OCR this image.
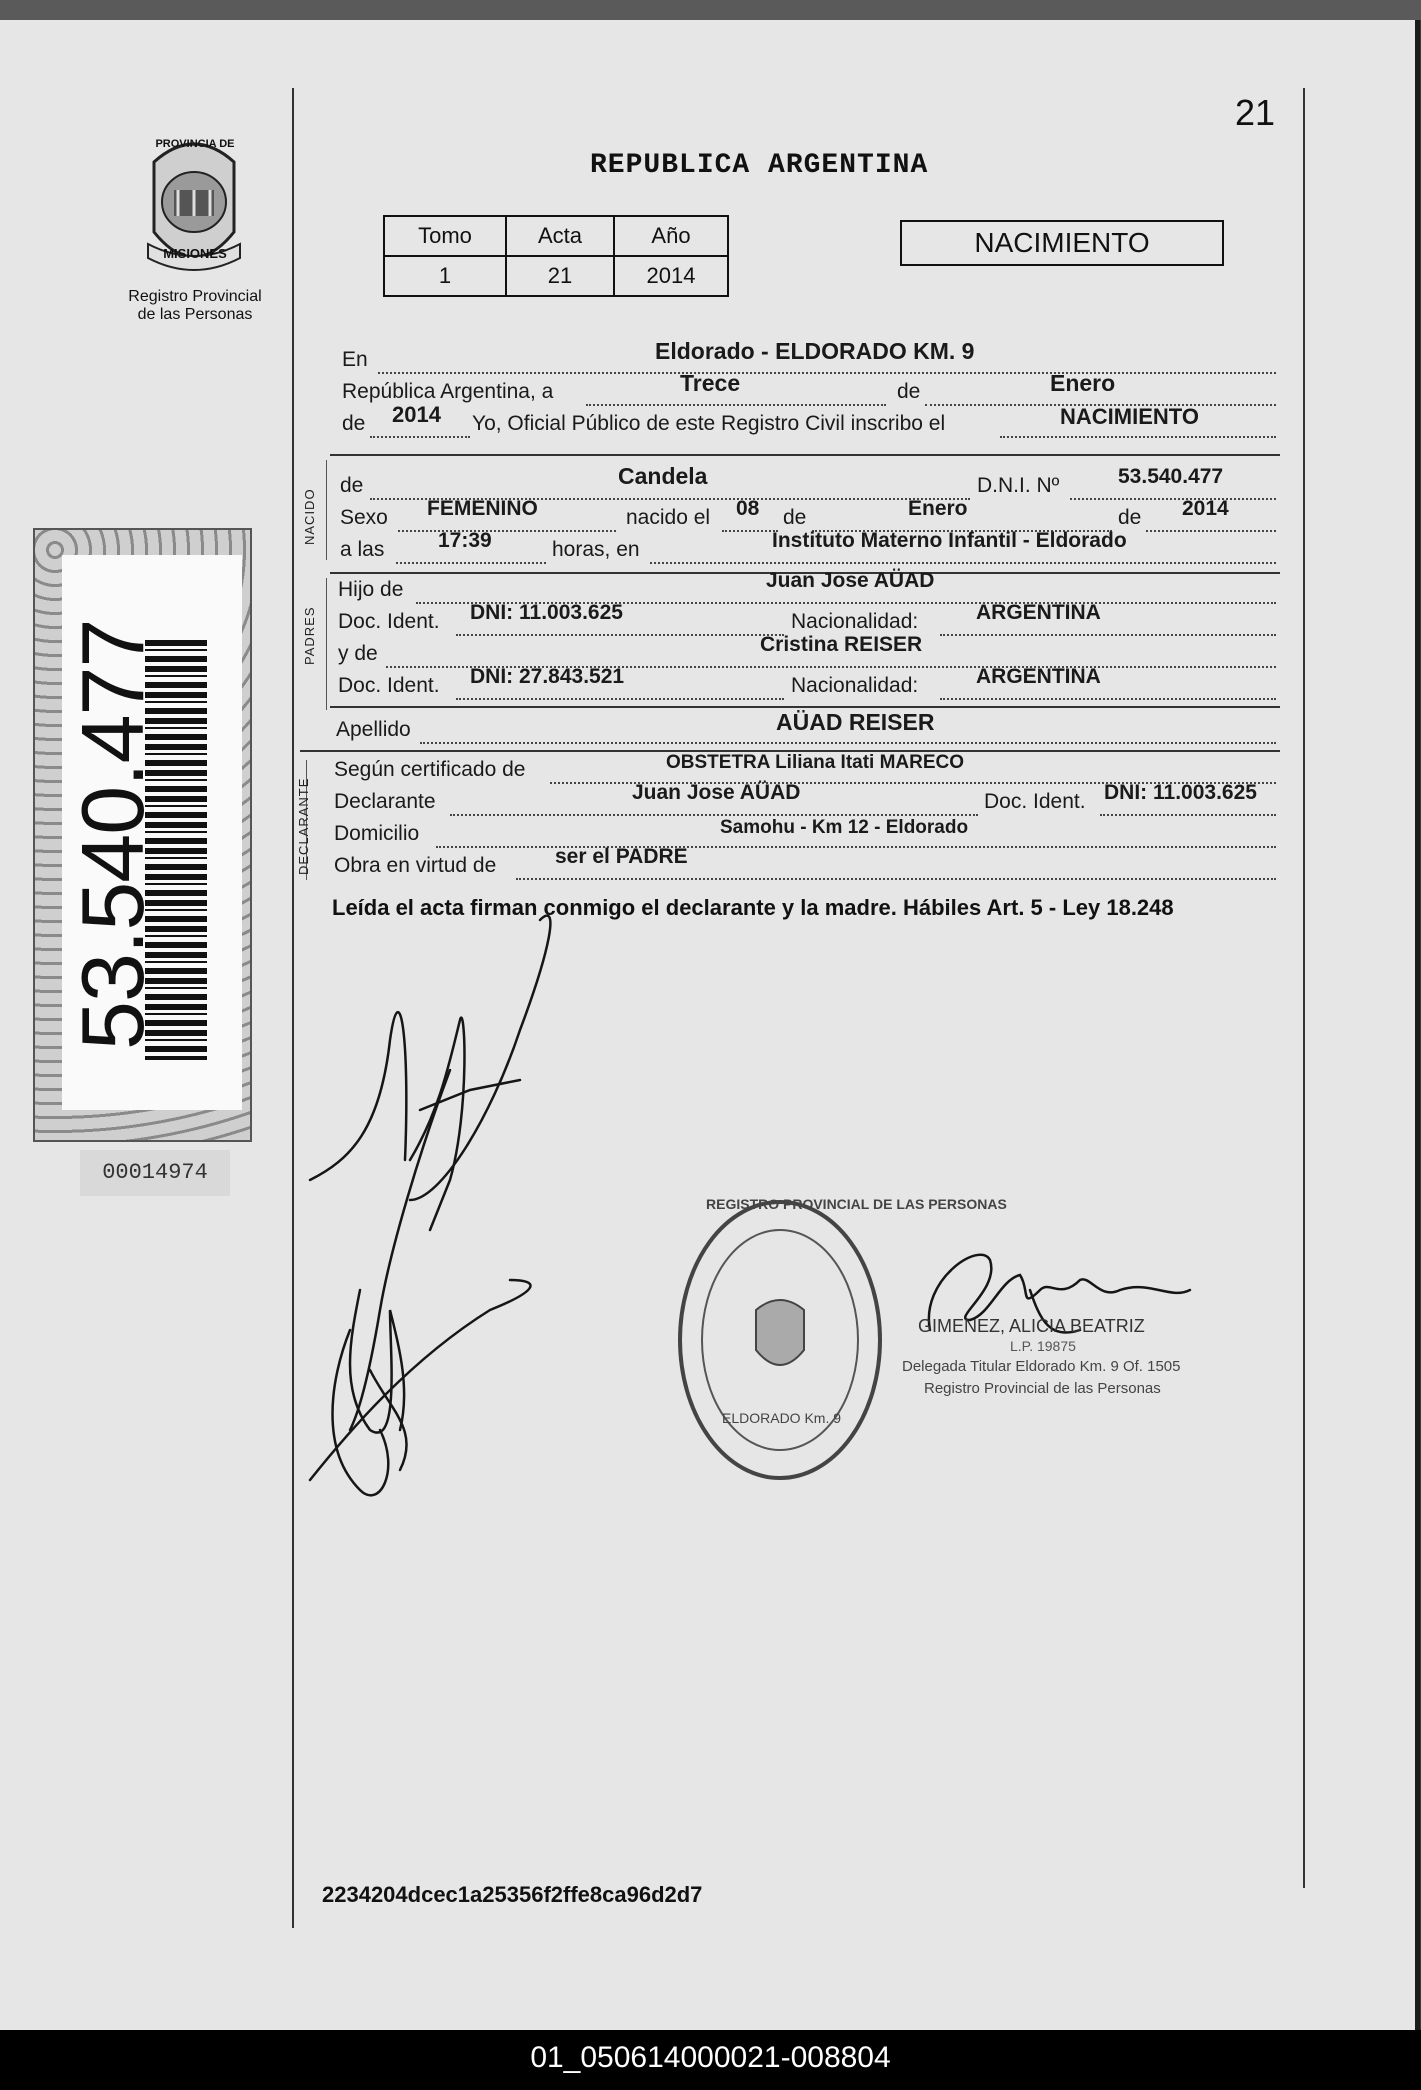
21
PROVINCIA DE
MISIONES
Registro Provincial
de las Personas
REPUBLICA ARGENTINA
Tomo	Acta	Año
1	21	2014
NACIMIENTO
En	Eldorado - ELDORADO KM. 9
República Argentina, a	Trece	de	Enero
de 2014 Yo, Oficial Público de este Registro Civil inscribo el	NACIMIENTO
NACIDO
de	Candela	D.N.I. Nº	53.540.477
Sexo FEMENINO	nacido el 08 de	Enero	de 2014
a las	17:39	horas, en	Instituto Materno Infantil - Eldorado
PADRES
Hijo de	Juan Jose AÜAD
Doc. Ident. DNI: 11.003.625	Nacionalidad:	ARGENTINA
y de	Cristina REISER
Doc. Ident. DNI: 27.843.521	Nacionalidad:	ARGENTINA
Apellido	AÜAD REISER
DECLARANTE
Según certificado de	OBSTETRA Liliana Itati MARECO
Declarante	Juan Jose AÜAD	Doc. Ident. DNI: 11.003.625
Domicilio	Samohu - Km 12 - Eldorado
Obra en virtud de	ser el PADRE
Leída el acta firman conmigo el declarante y la madre. Hábiles Art. 5 - Ley 18.248
53.540.477
00014974
REGISTRO PROVINCIAL DE LAS PERSONAS
ELDORADO Km. 9
GIMENEZ, ALICIA BEATRIZ
L.P. 19875
Delegada Titular Eldorado Km. 9 Of. 1505
Registro Provincial de las Personas
2234204dcec1a25356f2ffe8ca96d2d7
01_050614000021-008804
